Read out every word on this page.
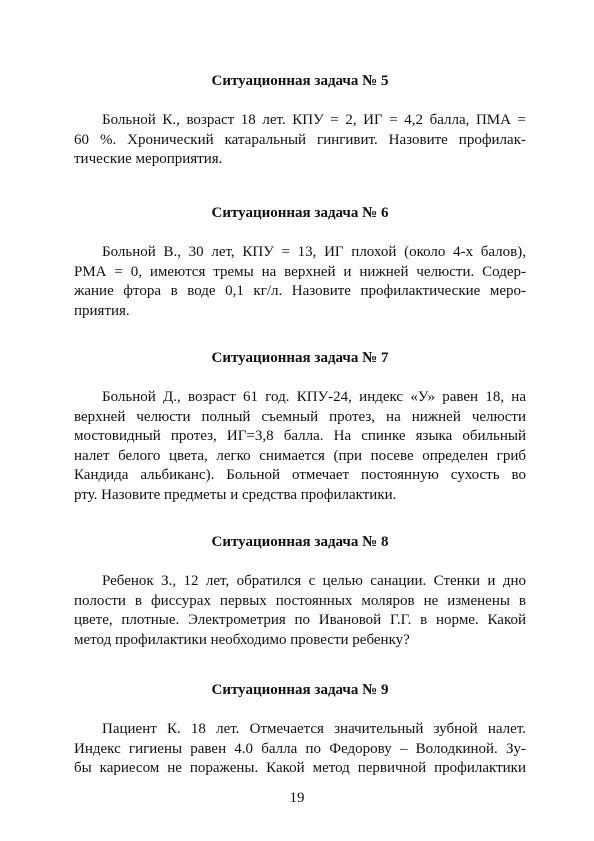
Ситуационная задача № 5
Больной К., возраст 18 лет. КПУ = 2, ИГ = 4,2 балла, ПМА =
60 %. Хронический катаральный гингивит. Назовите профилак-
тические мероприятия.
Ситуационная задача № 6
Больной В., 30 лет, КПУ = 13, ИГ плохой (около 4-х балов),
РМА = 0, имеются тремы на верхней и нижней челюсти. Содер-
жание фтора в воде 0,1 кг/л. Назовите профилактические меро-
приятия.
Ситуационная задача № 7
Больной Д., возраст 61 год. КПУ-24, индекс «У» равен 18, на
верхней челюсти полный съемный протез, на нижней челюсти
мостовидный протез, ИГ=3,8 балла. На спинке языка обильный
налет белого цвета, легко снимается (при посеве определен гриб
Кандида альбиканс). Больной отмечает постоянную сухость во
рту. Назовите предметы и средства профилактики.
Ситуационная задача № 8
Ребенок З., 12 лет, обратился с целью санации. Стенки и дно
полости в фиссурах первых постоянных моляров не изменены в
цвете, плотные. Электрометрия по Ивановой Г.Г. в норме. Какой
метод профилактики необходимо провести ребенку?
Ситуационная задача № 9
Пациент К. 18 лет. Отмечается значительный зубной налет.
Индекс гигиены равен 4.0 балла по Федорову – Володкиной. Зу-
бы кариесом не поражены. Какой метод первичной профилактики
19
